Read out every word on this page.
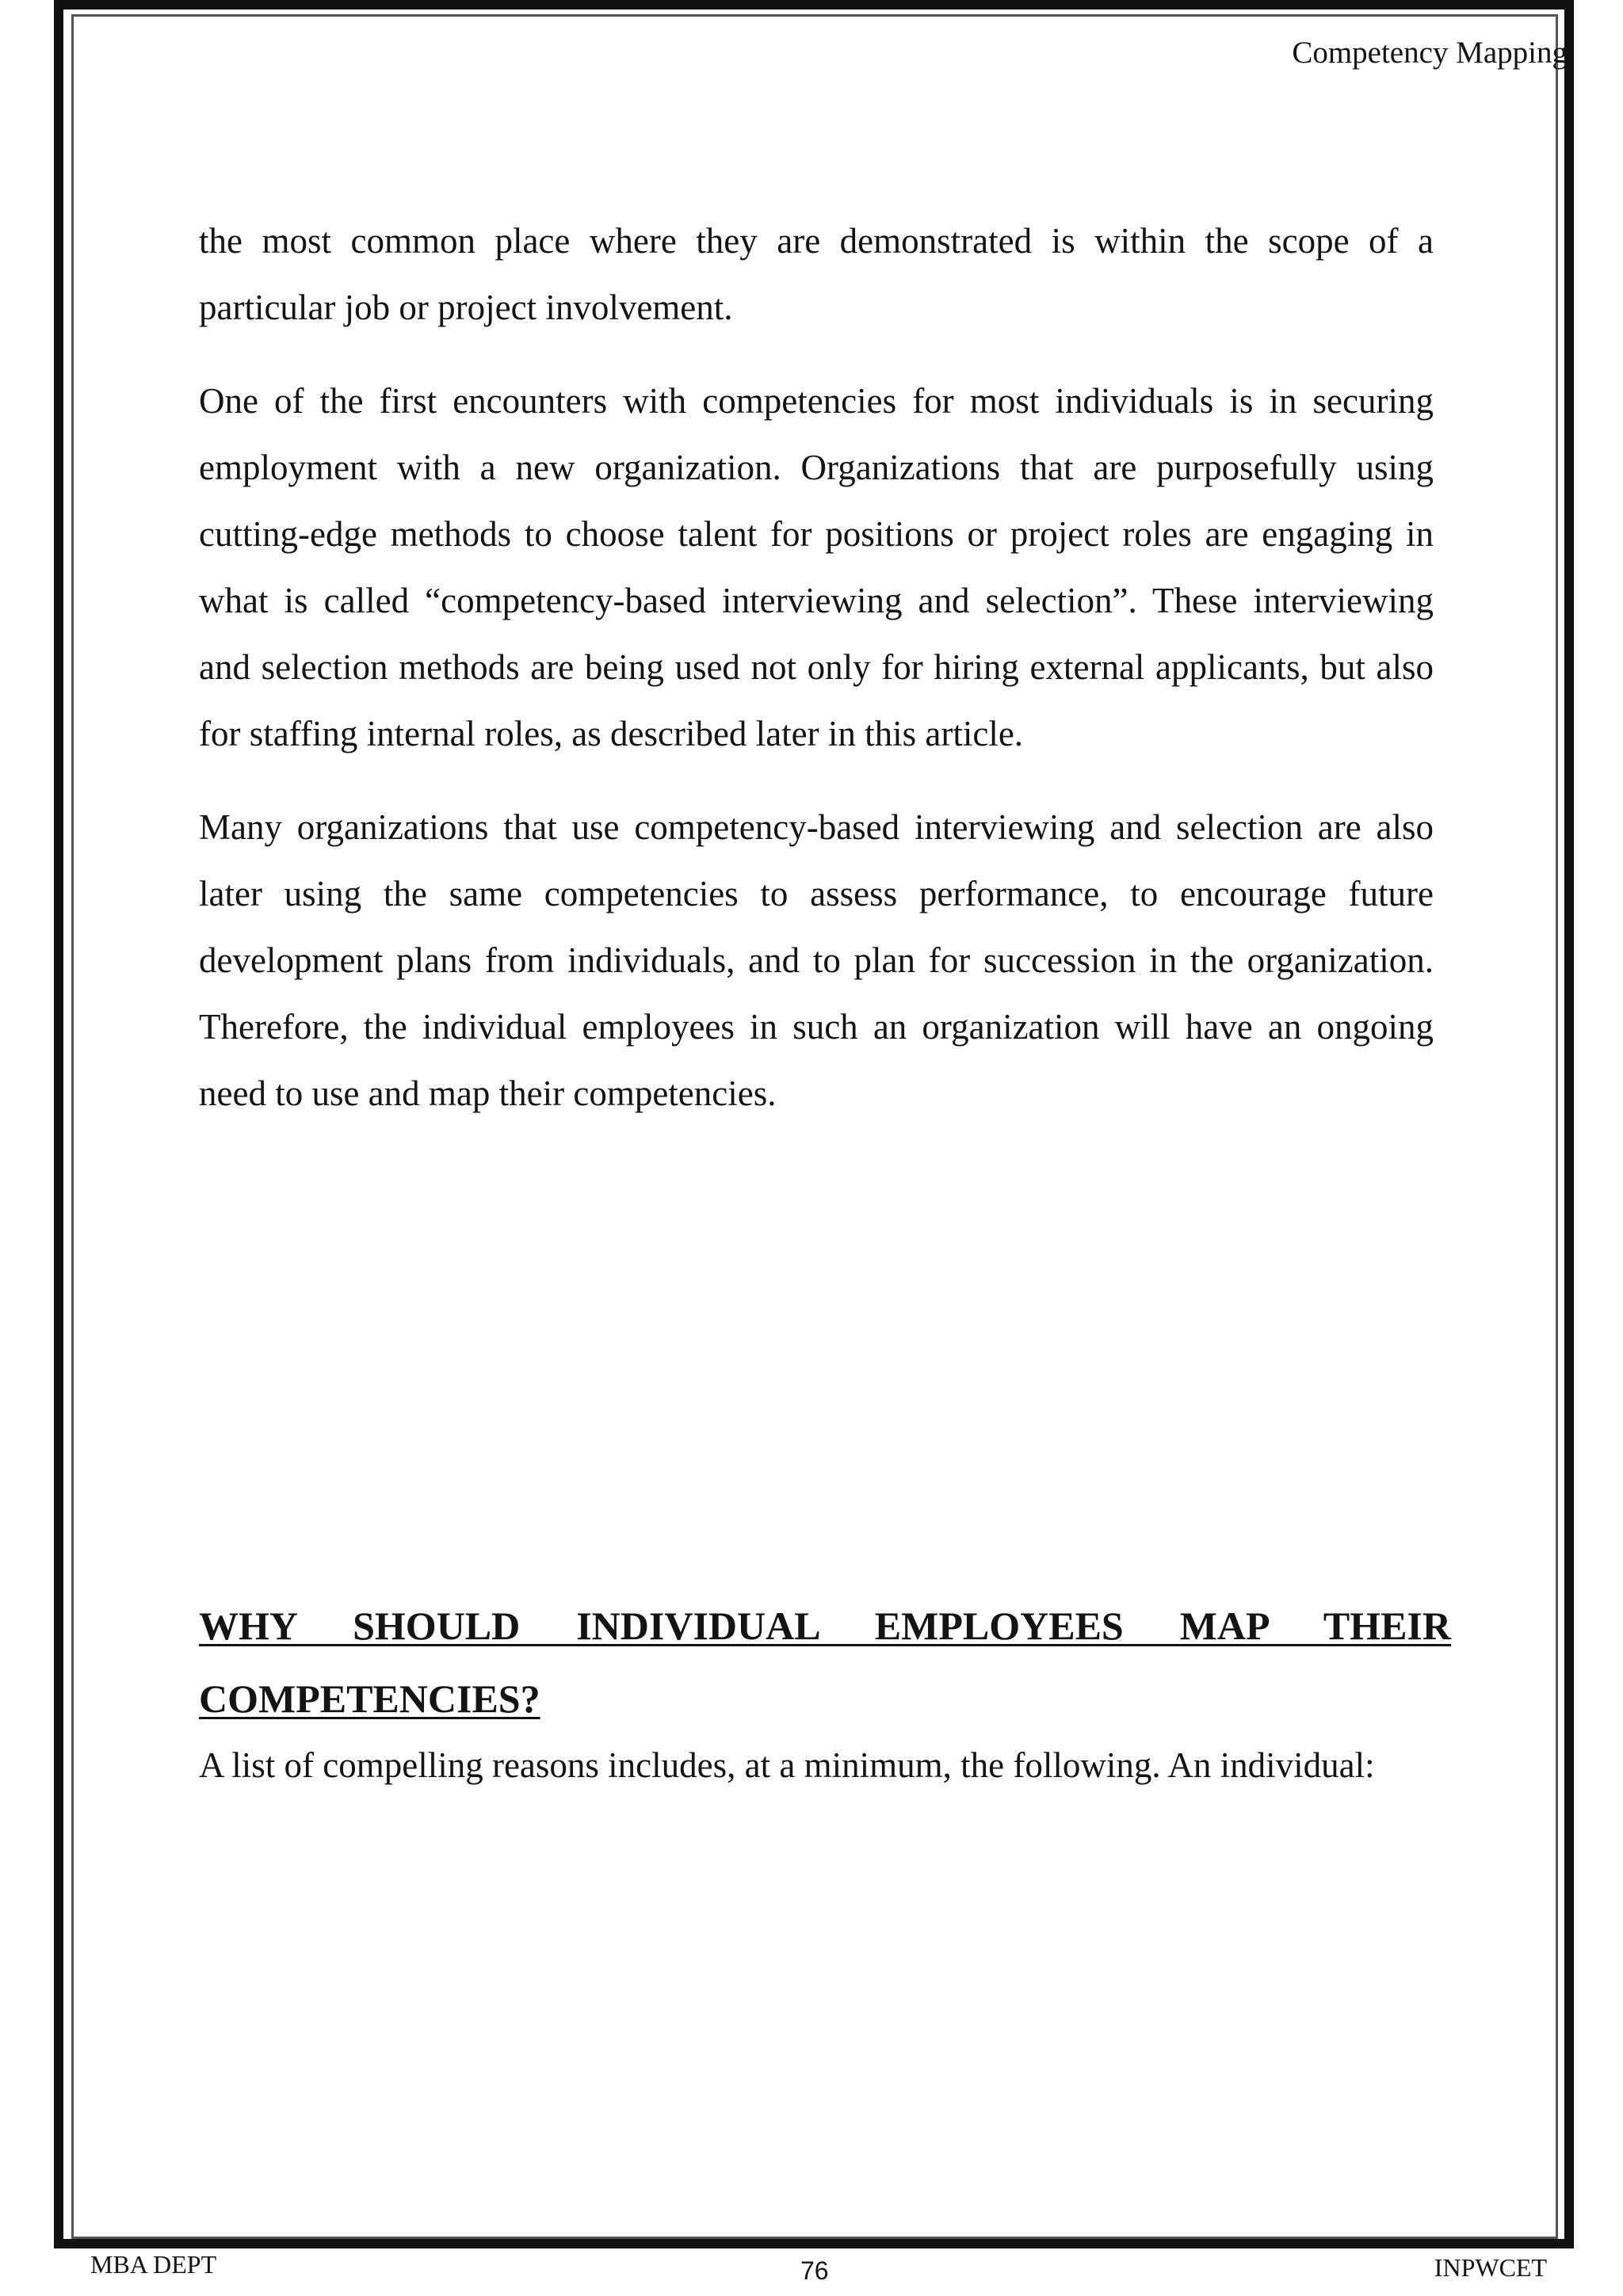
Competency Mapping

the most common place where they are demonstrated is within the scope of a particular job or project involvement.

One of the first encounters with competencies for most individuals is in securing employment with a new organization. Organizations that are purposefully using cutting-edge methods to choose talent for positions or project roles are engaging in what is called “competency-based interviewing and selection”. These interviewing and selection methods are being used not only for hiring external applicants, but also for staffing internal roles, as described later in this article.

Many organizations that use competency-based interviewing and selection are also later using the same competencies to assess performance, to encourage future development plans from individuals, and to plan for succession in the organization. Therefore, the individual employees in such an organization will have an ongoing need to use and map their competencies.

WHY SHOULD INDIVIDUAL EMPLOYEES MAP THEIR COMPETENCIES?

A list of compelling reasons includes, at a minimum, the following. An individual:

MBA DEPT	76	INPWCET
